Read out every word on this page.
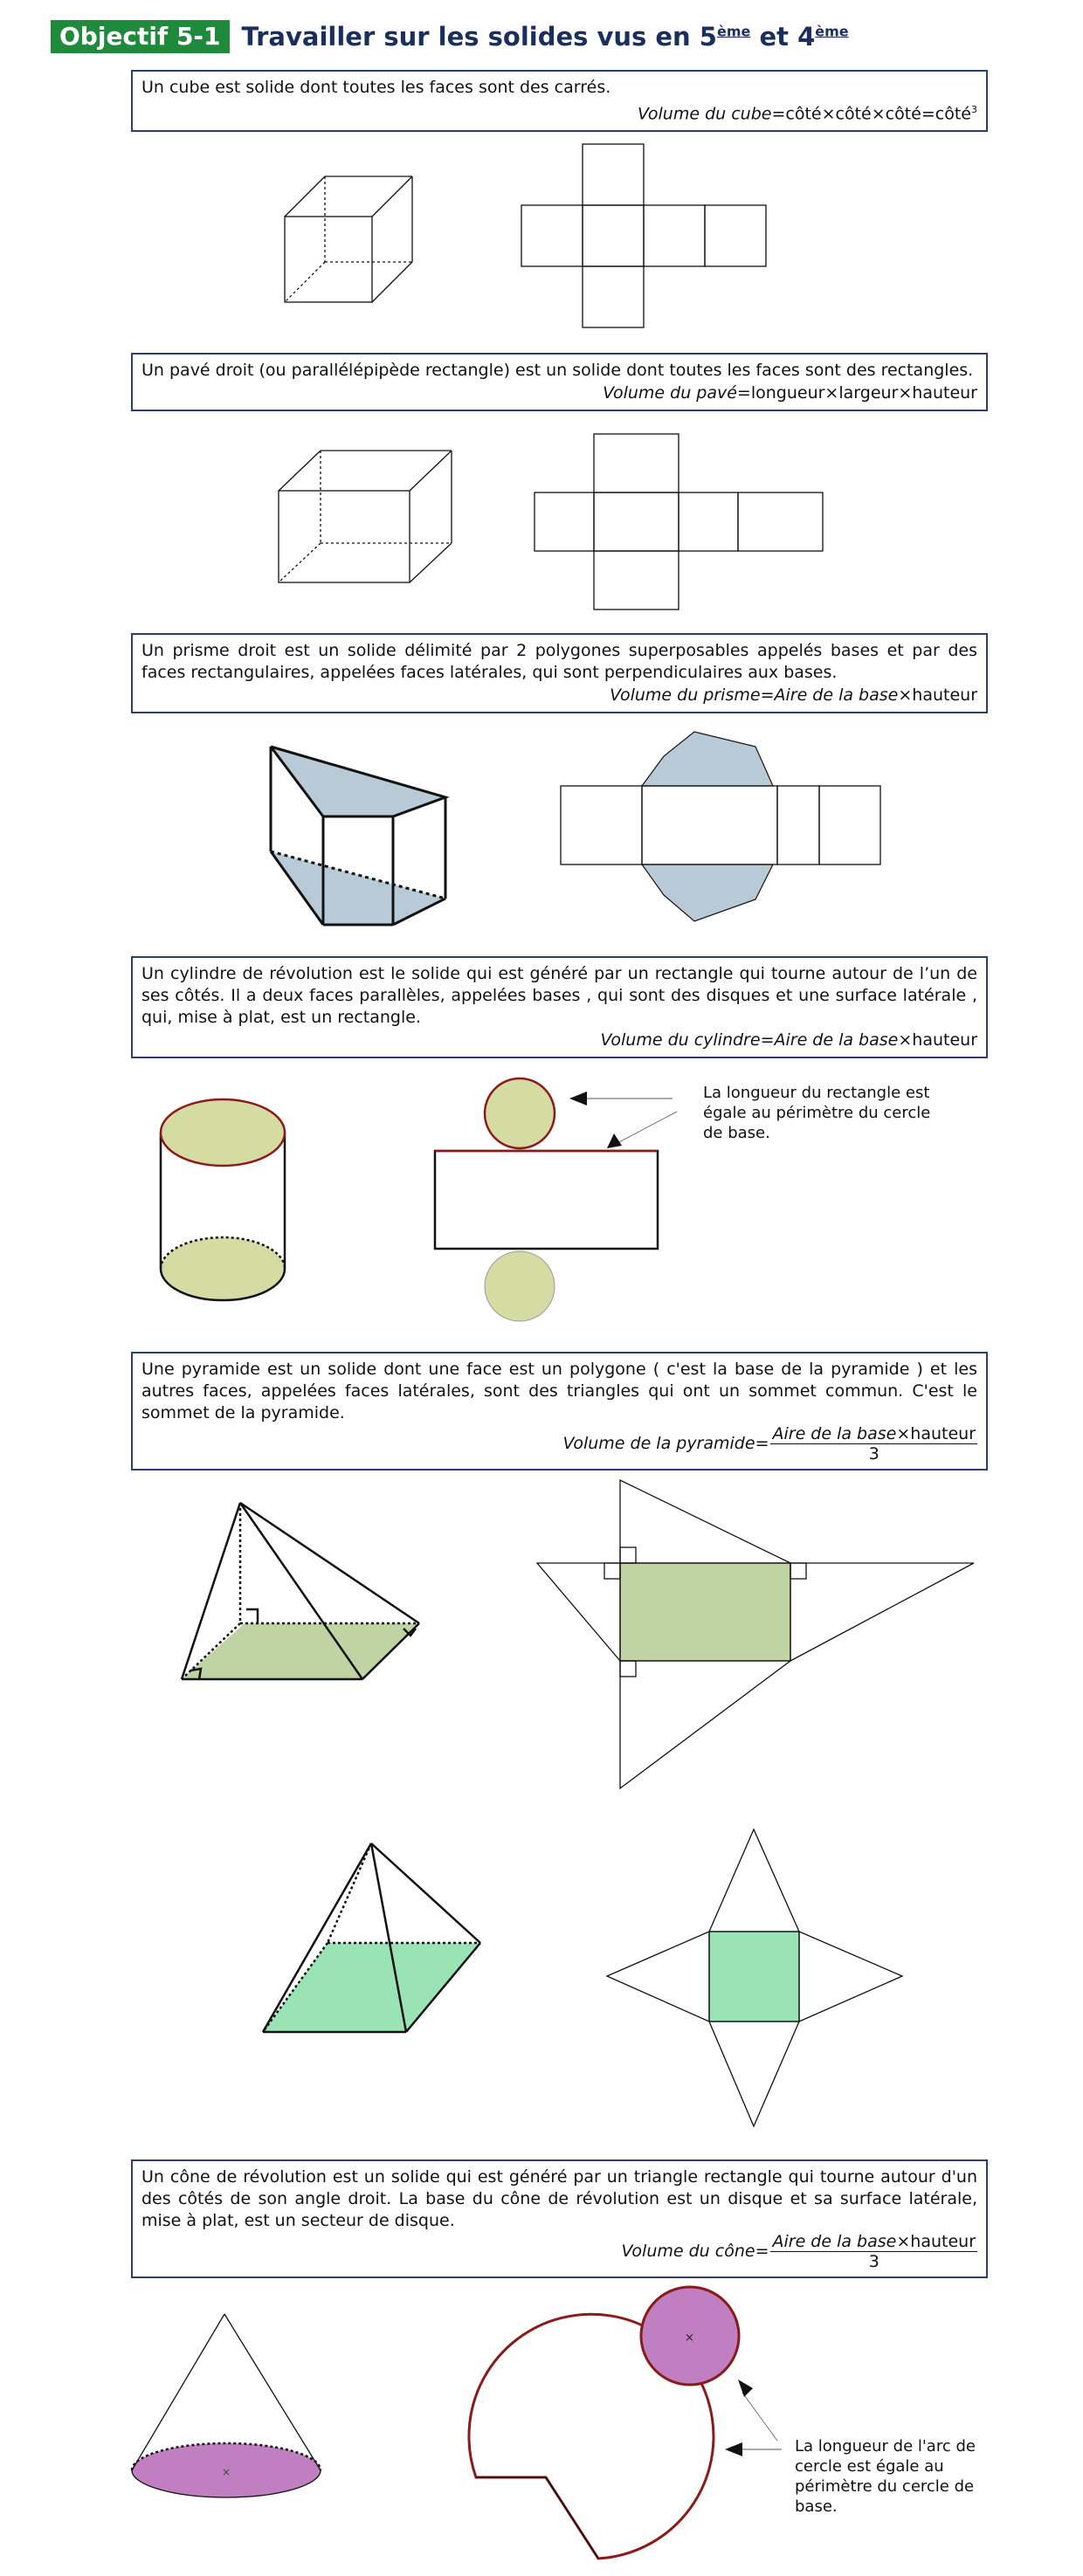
Objectif 5-1 Travailler sur les solides vus en 5ème et 4ème
Un cube est solide dont toutes les faces sont des carrés.
Volume du cube=côté×côté×côté=côté$^3$
Un pavé droit (ou parallélépipède rectangle) est un solide dont toutes les faces sont des rectangles.
Volume du pavé=longueur×largeur×hauteur
Un prisme droit est un solide délimité par 2 polygones superposables appelés bases et par des faces rectangulaires, appelées faces latérales, qui sont perpendiculaires aux bases.
Volume du prisme=Aire de la base×hauteur
Un cylindre de révolution est le solide qui est généré par un rectangle qui tourne autour de l’un de ses côtés. Il a deux faces parallèles, appelées bases , qui sont des disques et une surface latérale , qui, mise à plat, est un rectangle.
Volume du cylindre=Aire de la base×hauteur
La longueur du rectangle est égale au périmètre du cercle de base.
Une pyramide est un solide dont une face est un polygone ( c'est la base de la pyramide ) et les autres faces, appelées faces latérales, sont des triangles qui ont un sommet commun. C'est le sommet de la pyramide.
Volume de la pyramide= $\frac{\text{Aire de la base×hauteur}}{3}$
Un cône de révolution est un solide qui est généré par un triangle rectangle qui tourne autour d'un des côtés de son angle droit. La base du cône de révolution est un disque et sa surface latérale, mise à plat, est un secteur de disque.
Volume du cône= $\frac{\text{Aire de la base×hauteur}}{3}$
×
×
La longueur de l'arc de cercle est égale au périmètre du cercle de base.
